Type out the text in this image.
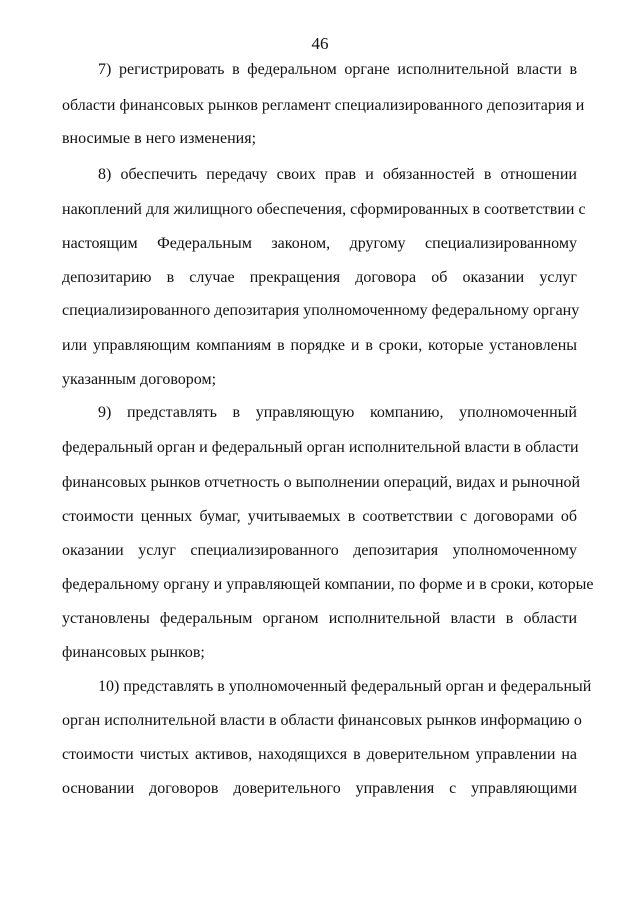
46
7) регистрировать в федеральном органе исполнительной власти в
области финансовых рынков регламент специализированного депозитария и
вносимые в него изменения;
8) обеспечить передачу своих прав и обязанностей в отношении
накоплений для жилищного обеспечения, сформированных в соответствии с
настоящим Федеральным законом, другому специализированному
депозитарию в случае прекращения договора об оказании услуг
специализированного депозитария уполномоченному федеральному органу
или управляющим компаниям в порядке и в сроки, которые установлены
указанным договором;
9) представлять в управляющую компанию, уполномоченный
федеральный орган и федеральный орган исполнительной власти в области
финансовых рынков отчетность о выполнении операций, видах и рыночной
стоимости ценных бумаг, учитываемых в соответствии с договорами об
оказании услуг специализированного депозитария уполномоченному
федеральному органу и управляющей компании, по форме и в сроки, которые
установлены федеральным органом исполнительной власти в области
финансовых рынков;
10) представлять в уполномоченный федеральный орган и федеральный
орган исполнительной власти в области финансовых рынков информацию о
стоимости чистых активов, находящихся в доверительном управлении на
основании договоров доверительного управления с управляющими
